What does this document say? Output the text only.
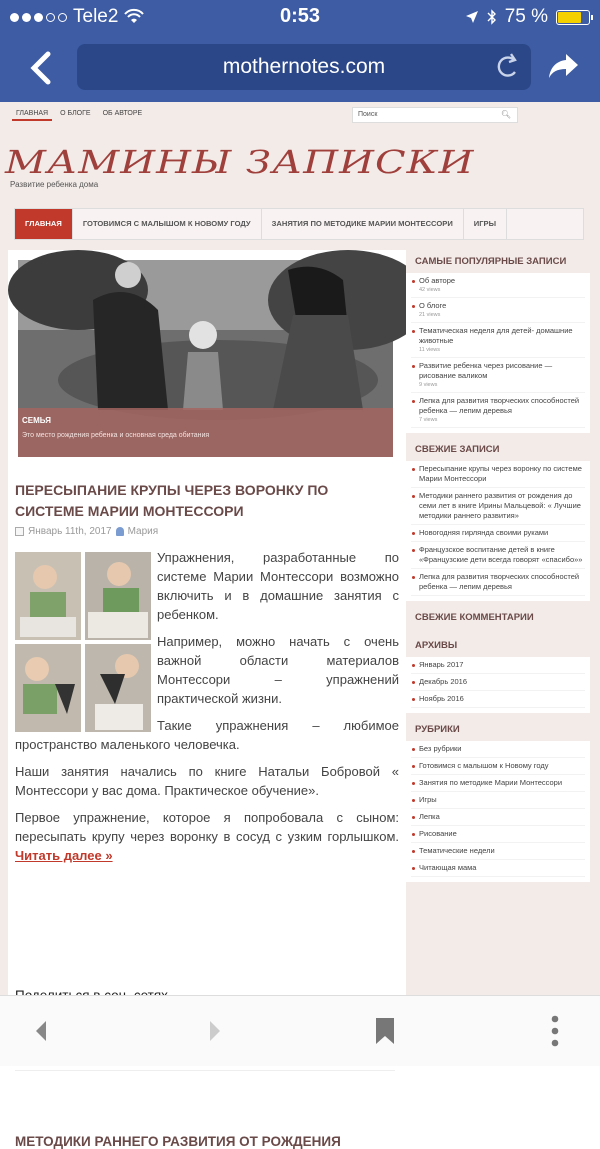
Tele2	0:53	75 %
mothernotes.com
ГЛАВНАЯ	О БЛОГЕ	ОБ АВТОРЕ	Поиск	🔍︎
МАМИНЫ ЗАПИСКИ
Развитие ребенка дома
ГЛАВНАЯ	ГОТОВИМСЯ С МАЛЫШОМ К НОВОМУ ГОДУ	ЗАНЯТИЯ ПО МЕТОДИКЕ МАРИИ МОНТЕССОРИ	ИГРЫ
СЕМЬЯ
Это место рождения ребенка и основная среда обитания
ПЕРЕСЫПАНИЕ КРУПЫ ЧЕРЕЗ ВОРОНКУ ПО СИСТЕМЕ МАРИИ МОНТЕССОРИ
Январь 11th, 2017 Мария

Упражнения, разработанные по системе Марии Монтессори возможно включить и в домашние занятия с ребенком.

Например, можно начать с очень важной области материалов Монтессори – упражнений практической жизни.

Такие упражнения – любимое пространство маленького человечка.

Наши занятия начались по книге Натальи Бобровой « Монтессори у вас дома. Практическое обучение».

Первое упражнение, которое я попробовала с сыном: пересыпать крупу через воронку в сосуд с узким горлышком. Читать далее »

МЕТОДИКИ РАННЕГО РАЗВИТИЯ ОТ РОЖДЕНИЯ
САМЫЕ ПОПУЛЯРНЫЕ ЗАПИСИ
Об авторе
42 views
О блоге
21 views
Тематическая неделя для детей- домашние животные
11 views
Развитие ребенка через рисование — рисование валиком
9 views
Лепка для развития творческих способностей ребенка — лепим деревья
7 views
СВЕЖИЕ ЗАПИСИ
Пересыпание крупы через воронку по системе Марии Монтессори
Методики раннего развития от рождения до семи лет в книге Ирины Мальцевой: « Лучшие методики раннего развития»
Новогодняя гирлянда своими руками
Французское воспитание детей в книге «Французские дети всегда говорят «спасибо»»
Лепка для развития творческих способностей ребенка — лепим деревья
СВЕЖИЕ КОММЕНТАРИИ
АРХИВЫ
Январь 2017
Декабрь 2016
Ноябрь 2016
РУБРИКИ
Без рубрики
Готовимся с малышом к Новому году
Занятия по методике Марии Монтессори
Игры
Лепка
Рисование
Тематические недели
Читающая мама
